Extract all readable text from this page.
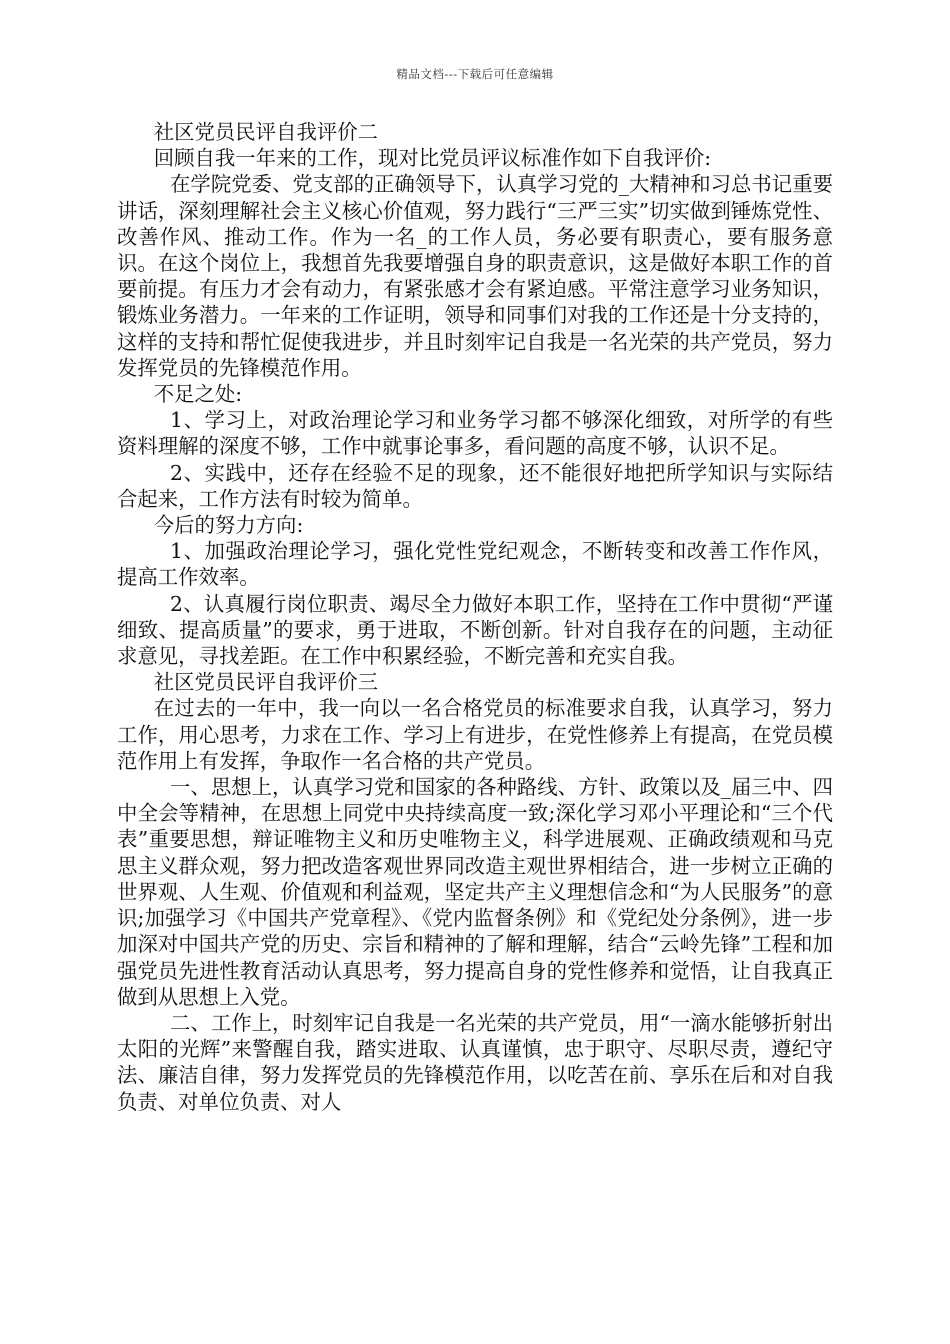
精品文档---下载后可任意编辑

社区党员民评自我评价二

回顾自我一年来的工作，现对比党员评议标准作如下自我评价:

在学院党委、党支部的正确领导下，认真学习党的_大精神和习总书记重要讲话，深刻理解社会主义核心价值观，努力践行“三严三实”切实做到锤炼党性、改善作风、推动工作。作为一名_的工作人员，务必要有职责心，要有服务意识。在这个岗位上，我想首先我要增强自身的职责意识，这是做好本职工作的首要前提。有压力才会有动力，有紧张感才会有紧迫感。平常注意学习业务知识，锻炼业务潜力。一年来的工作证明，领导和同事们对我的工作还是十分支持的，这样的支持和帮忙促使我进步，并且时刻牢记自我是一名光荣的共产党员，努力发挥党员的先锋模范作用。

不足之处:

1、学习上，对政治理论学习和业务学习都不够深化细致，对所学的有些资料理解的深度不够，工作中就事论事多，看问题的高度不够，认识不足。

2、实践中，还存在经验不足的现象，还不能很好地把所学知识与实际结合起来，工作方法有时较为简单。

今后的努力方向:

1、加强政治理论学习，强化党性党纪观念，不断转变和改善工作作风，提高工作效率。

2、认真履行岗位职责、竭尽全力做好本职工作，坚持在工作中贯彻“严谨细致、提高质量”的要求，勇于进取，不断创新。针对自我存在的问题，主动征求意见，寻找差距。在工作中积累经验，不断完善和充实自我。

社区党员民评自我评价三

在过去的一年中，我一向以一名合格党员的标准要求自我，认真学习，努力工作，用心思考，力求在工作、学习上有进步，在党性修养上有提高，在党员模范作用上有发挥，争取作一名合格的共产党员。

一、思想上，认真学习党和国家的各种路线、方针、政策以及_届三中、四中全会等精神，在思想上同党中央持续高度一致;深化学习邓小平理论和“三个代表”重要思想，辩证唯物主义和历史唯物主义，科学进展观、正确政绩观和马克思主义群众观，努力把改造客观世界同改造主观世界相结合，进一步树立正确的世界观、人生观、价值观和利益观，坚定共产主义理想信念和“为人民服务”的意识;加强学习《中国共产党章程》、《党内监督条例》和《党纪处分条例》，进一步加深对中国共产党的历史、宗旨和精神的了解和理解，结合“云岭先锋”工程和加强党员先进性教育活动认真思考，努力提高自身的党性修养和觉悟，让自我真正做到从思想上入党。

二、工作上，时刻牢记自我是一名光荣的共产党员，用“一滴水能够折射出太阳的光辉”来警醒自我，踏实进取、认真谨慎，忠于职守、尽职尽责，遵纪守法、廉洁自律，努力发挥党员的先锋模范作用，以吃苦在前、享乐在后和对自我负责、对单位负责、对人
